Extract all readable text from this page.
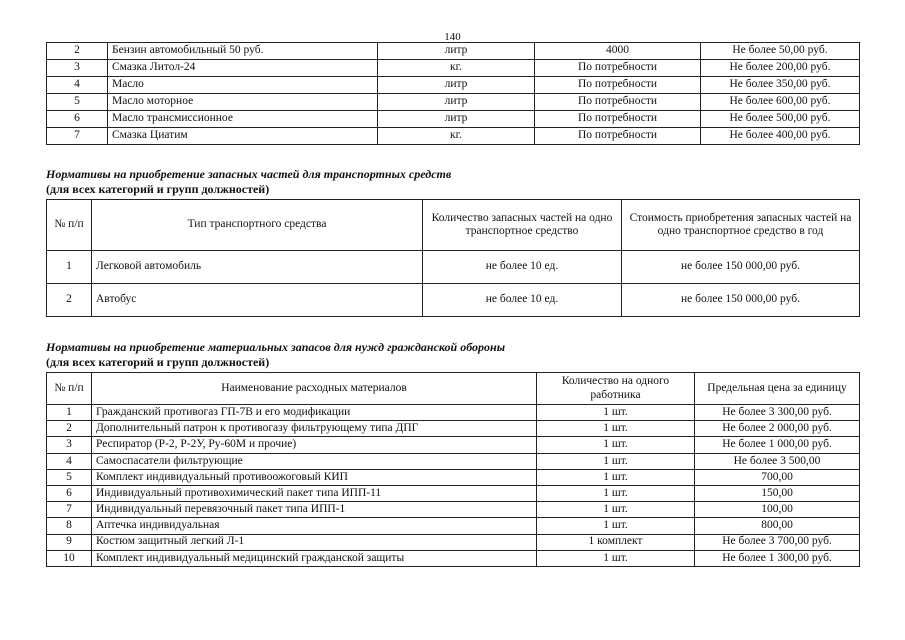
140
2	Бензин автомобильный 50 руб.	литр	4000	Не более 50,00 руб.
3	Смазка Литол-24	кг.	По потребности	Не более 200,00 руб.
4	Масло	литр	По потребности	Не более 350,00 руб.
5	Масло моторное	литр	По потребности	Не более 600,00 руб.
6	Масло трансмиссионное	литр	По потребности	Не более 500,00 руб.
7	Смазка Циатим	кг.	По потребности	Не более 400,00 руб.
Нормативы на приобретение запасных частей для транспортных средств
(для всех категорий и групп должностей)
№ п/п	Тип транспортного средства	Количество запасных частей на одно транспортное средство	Стоимость приобретения запасных частей на одно транспортное средство в год
1	Легковой автомобиль	не более 10 ед.	не более 150 000,00 руб.
2	Автобус	не более 10 ед.	не более 150 000,00 руб.
Нормативы на приобретение материальных запасов для нужд гражданской обороны
(для всех категорий и групп должностей)
№ п/п	Наименование расходных материалов	Количество на одного работника	Предельная цена за единицу
1	Гражданский противогаз ГП-7В и его модификации	1 шт.	Не более 3 300,00 руб.
2	Дополнительный патрон к противогазу фильтрующему типа ДПГ	1 шт.	Не более 2 000,00 руб.
3	Респиратор (Р-2, Р-2У, Ру-60М и прочие)	1 шт.	Не более 1 000,00 руб.
4	Самоспасатели фильтрующие	1 шт.	Не более 3 500,00
5	Комплект индивидуальный противоожоговый КИП	1 шт.	700,00
6	Индивидуальный противохимический пакет типа ИПП-11	1 шт.	150,00
7	Индивидуальный перевязочный пакет типа ИПП-1	1 шт.	100,00
8	Аптечка индивидуальная	1 шт.	800,00
9	Костюм защитный легкий Л-1	1 комплект	Не более 3 700,00 руб.
10	Комплект индивидуальный медицинский гражданской защиты	1 шт.	Не более 1 300,00 руб.
